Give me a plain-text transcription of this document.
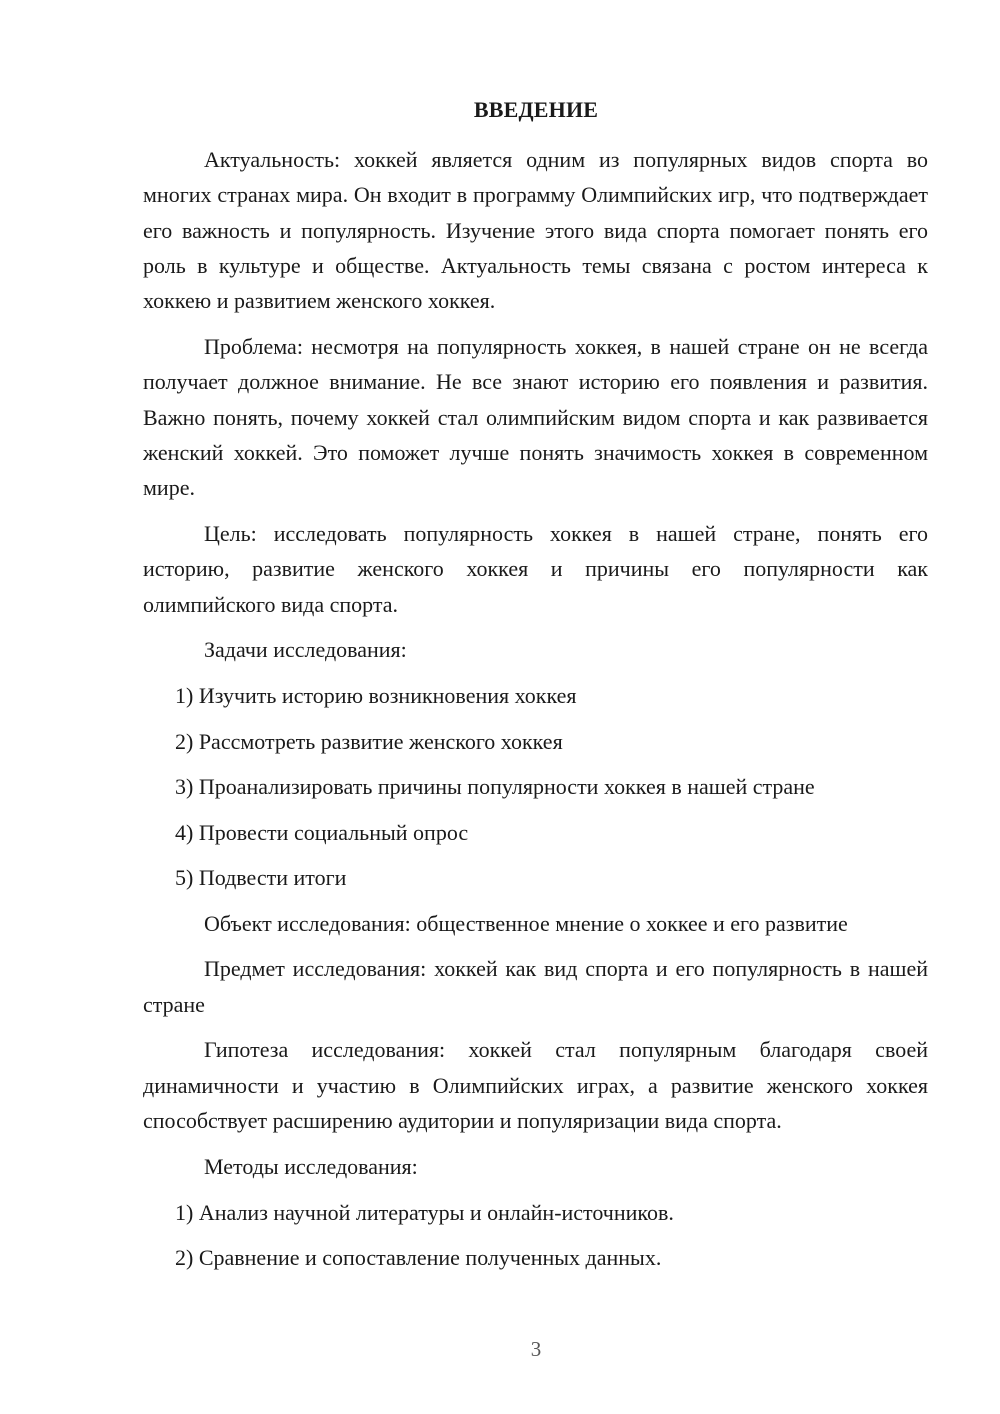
ВВЕДЕНИЕ

Актуальность: хоккей является одним из популярных видов спорта во многих странах мира. Он входит в программу Олимпийских игр, что подтверждает его важность и популярность. Изучение этого вида спорта помогает понять его роль в культуре и обществе. Актуальность темы связана с ростом интереса к хоккею и развитием женского хоккея.

Проблема: несмотря на популярность хоккея, в нашей стране он не всегда получает должное внимание. Не все знают историю его появления и развития. Важно понять, почему хоккей стал олимпийским видом спорта и как развивается женский хоккей. Это поможет лучше понять значимость хоккея в современном мире.

Цель: исследовать популярность хоккея в нашей стране, понять его историю, развитие женского хоккея и причины его популярности как олимпийского вида спорта.

Задачи исследования:

1) Изучить историю возникновения хоккея
2) Рассмотреть развитие женского хоккея
3) Проанализировать причины популярности хоккея в нашей стране
4) Провести социальный опрос
5) Подвести итоги

Объект исследования: общественное мнение о хоккее и его развитие

Предмет исследования: хоккей как вид спорта и его популярность в нашей стране

Гипотеза исследования: хоккей стал популярным благодаря своей динамичности и участию в Олимпийских играх, а развитие женского хоккея способствует расширению аудитории и популяризации вида спорта.

Методы исследования:

1) Анализ научной литературы и онлайн-источников.
2) Сравнение и сопоставление полученных данных.
3
